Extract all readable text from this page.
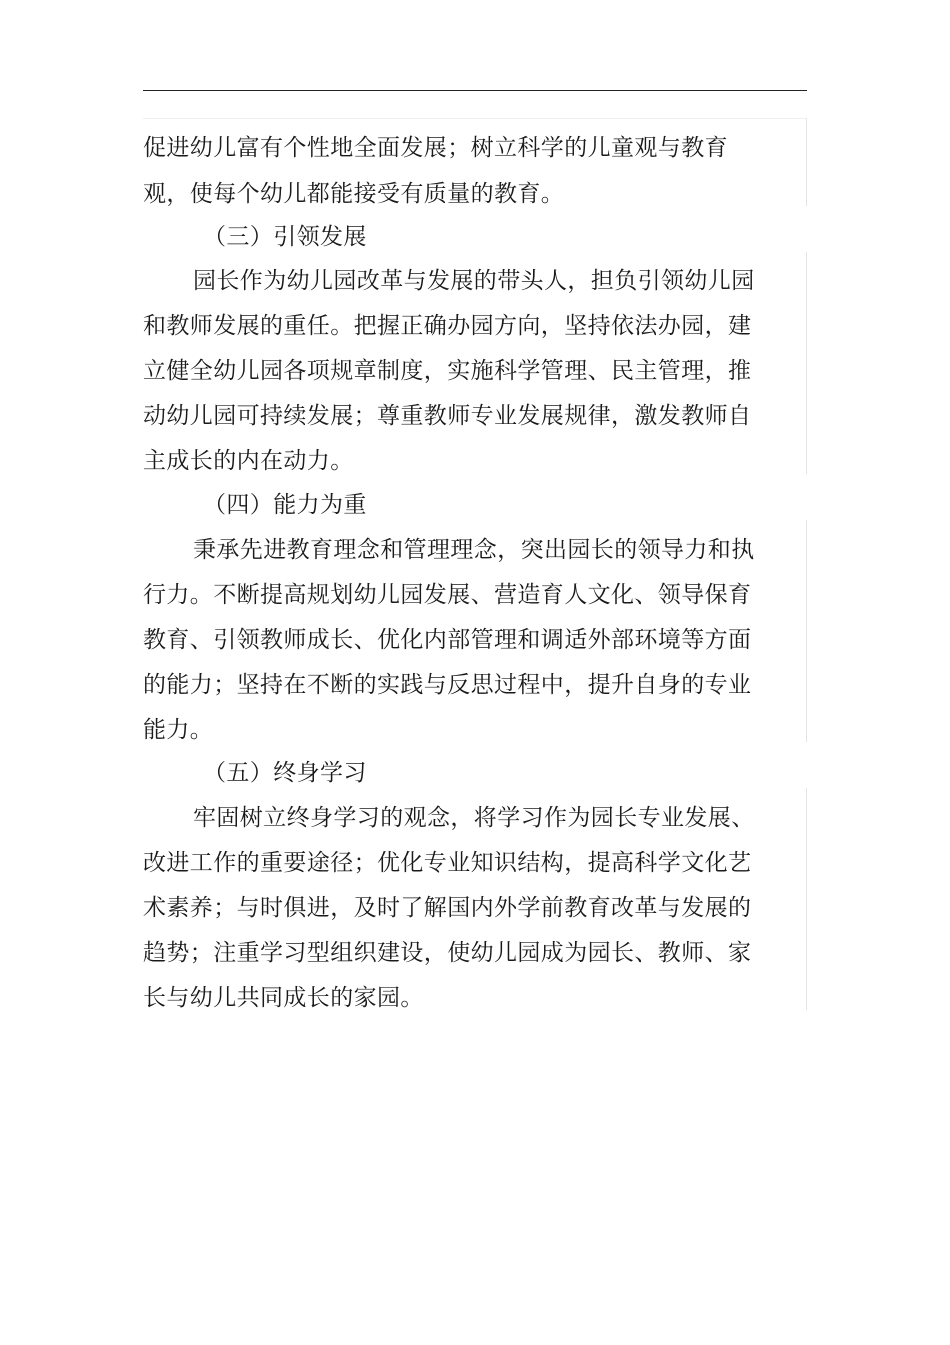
促进幼儿富有个性地全面发展；树立科学的儿童观与教育
观，使每个幼儿都能接受有质量的教育。
（三）引领发展
园长作为幼儿园改革与发展的带头人，担负引领幼儿园
和教师发展的重任。把握正确办园方向，坚持依法办园，建
立健全幼儿园各项规章制度，实施科学管理、民主管理，推
动幼儿园可持续发展；尊重教师专业发展规律，激发教师自
主成长的内在动力。
（四）能力为重
秉承先进教育理念和管理理念，突出园长的领导力和执
行力。不断提高规划幼儿园发展、营造育人文化、领导保育
教育、引领教师成长、优化内部管理和调适外部环境等方面
的能力；坚持在不断的实践与反思过程中，提升自身的专业
能力。
（五）终身学习
牢固树立终身学习的观念，将学习作为园长专业发展、
改进工作的重要途径；优化专业知识结构，提高科学文化艺
术素养；与时俱进，及时了解国内外学前教育改革与发展的
趋势；注重学习型组织建设，使幼儿园成为园长、教师、家
长与幼儿共同成长的家园。
